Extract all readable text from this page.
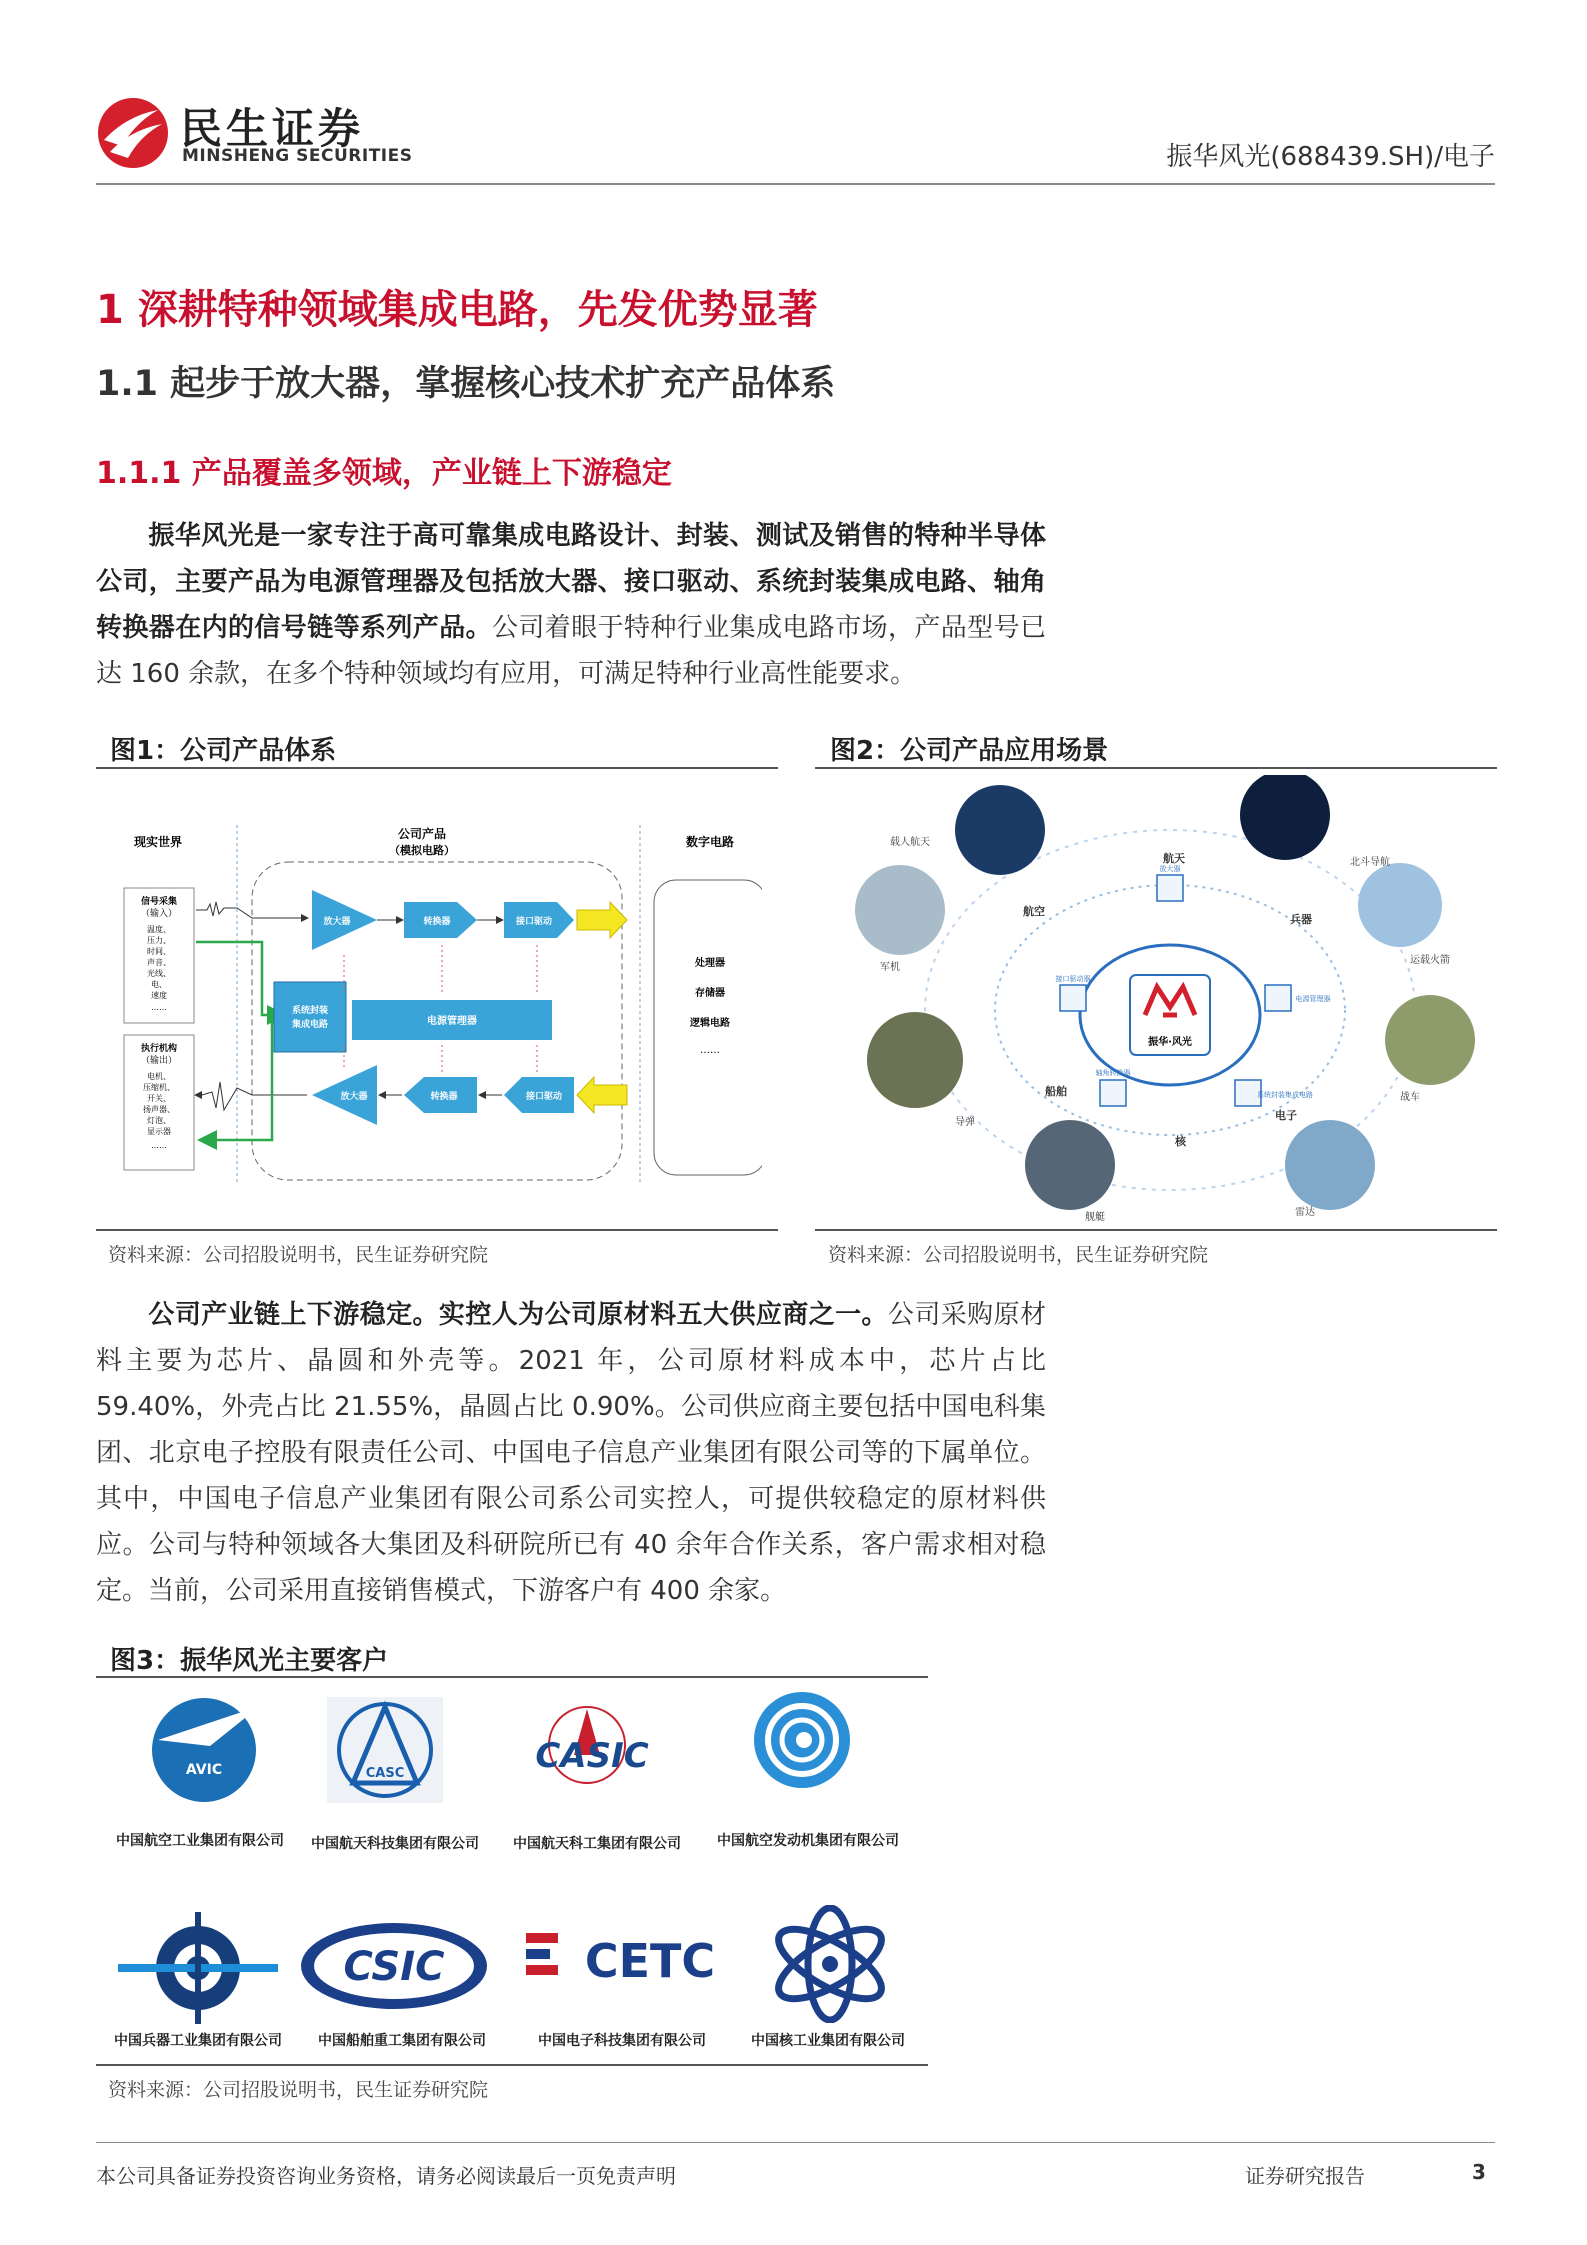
民生证券
MINSHENG SECURITIES	振华风光(688439.SH)/电子
1 深耕特种领域集成电路，先发优势显著
1.1 起步于放大器，掌握核心技术扩充产品体系
1.1.1 产品覆盖多领域，产业链上下游稳定
振华风光是一家专注于高可靠集成电路设计、封装、测试及销售的特种半导体公司，主要产品为电源管理器及包括放大器、接口驱动、系统封装集成电路、轴角转换器在内的信号链等系列产品。公司着眼于特种行业集成电路市场，产品型号已达 160 余款，在多个特种领域均有应用，可满足特种行业高性能要求。
图1：公司产品体系
现实世界
公司产品
（模拟电路）
数字电路
信号采集
（输入）
温度、
压力、
时间、
声音、
光线、
电、
速度
……
执行机构
（输出）
电机、
压缩机、
开关、
扬声器、
灯泡、
显示器
……
系统封装
集成电路
放大器	转换器	接口驱动
电源管理器
放大器	转换器	接口驱动
处理器
存储器
逻辑电路
……
资料来源：公司招股说明书，民生证券研究院
图2：公司产品应用场景
振华·风光
航天
兵器
电子
核
船舶
航空
放大器
电源管理器
系统封装集成电路
轴角转换器
接口驱动器
载人航天
北斗导航
运载火箭
战车
雷达
舰艇
导弹
军机
资料来源：公司招股说明书，民生证券研究院
公司产业链上下游稳定。实控人为公司原材料五大供应商之一。公司采购原材料主要为芯片、晶圆和外壳等。2021 年，公司原材料成本中，芯片占比 59.40%，外壳占比 21.55%，晶圆占比 0.90%。公司供应商主要包括中国电科集团、北京电子控股有限责任公司、中国电子信息产业集团有限公司等的下属单位。其中，中国电子信息产业集团有限公司系公司实控人，可提供较稳定的原材料供应。公司与特种领域各大集团及科研院所已有 40 余年合作关系，客户需求相对稳定。当前，公司采用直接销售模式，下游客户有 400 余家。
图3：振华风光主要客户
AVIC	CASC	CASIC
中国航空工业集团有限公司 中国航天科技集团有限公司 中国航天科工集团有限公司	中国航空发动机集团有限公司
CSIC	CETC
中国兵器工业集团有限公司	中国船舶重工集团有限公司	中国电子科技集团有限公司	中国核工业集团有限公司
资料来源：公司招股说明书，民生证券研究院
本公司具备证券投资咨询业务资格，请务必阅读最后一页免责声明	证券研究报告	3
